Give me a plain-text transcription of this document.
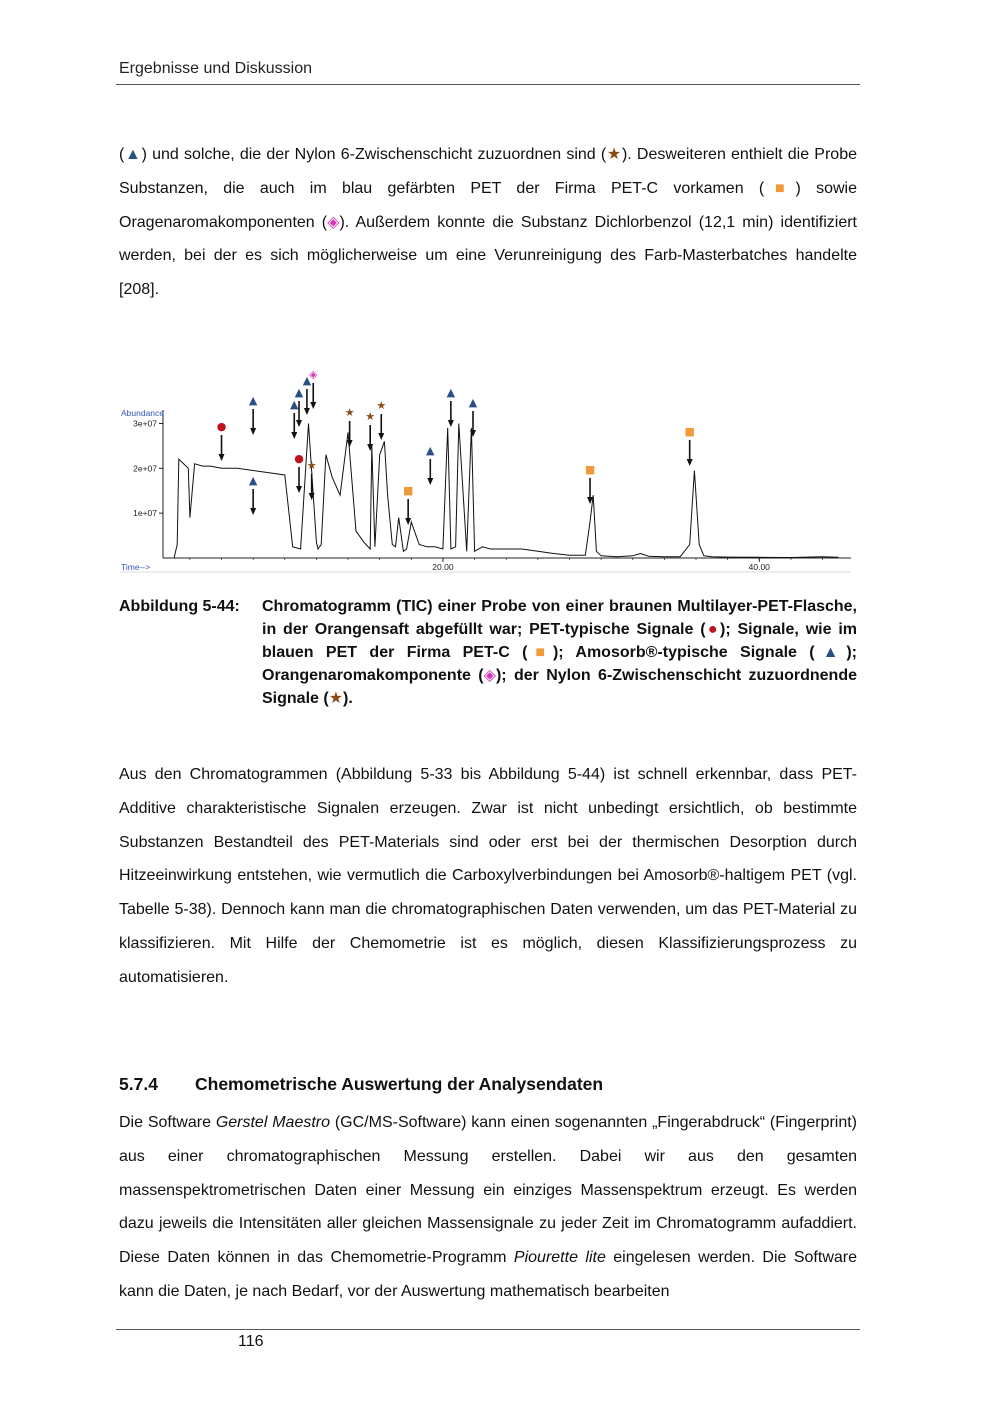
Ergebnisse und Diskussion

(▲) und solche, die der Nylon 6-Zwischenschicht zuzuordnen sind (★). Desweiteren enthielt die Probe Substanzen, die auch im blau gefärbten PET der Firma PET-C vorkamen (■) sowie Oragenaromakomponenten (◈). Außerdem konnte die Substanz Dichlorbenzol (12,1 min) identifiziert werden, bei der es sich möglicherweise um eine Verunreinigung des Farb-Masterbatches handelte [208].

Abundance
Time-->
1e+07
2e+07
3e+07
20.00	40.00
●
▲
▲	▲
●
▲
▲
★
◈
★ ★
★
■
▲
▲
▲
■
■
Abbildung 5-44: Chromatogramm (TIC) einer Probe von einer braunen Multilayer-PET-Flasche, in der Orangensaft abgefüllt war; PET-typische Signale (●); Signale, wie im blauen PET der Firma PET-C (■); Amosorb®-typische Signale (▲); Orangenaromakomponente (◈); der Nylon 6-Zwischenschicht zuzuordnende Signale (★).

Aus den Chromatogrammen (Abbildung 5-33 bis Abbildung 5-44) ist schnell erkennbar, dass PET-Additive charakteristische Signalen erzeugen. Zwar ist nicht unbedingt ersichtlich, ob bestimmte Substanzen Bestandteil des PET-Materials sind oder erst bei der thermischen Desorption durch Hitzeeinwirkung entstehen, wie vermutlich die Carboxylverbindungen bei Amosorb®-haltigem PET (vgl. Tabelle 5-38). Dennoch kann man die chromatographischen Daten verwenden, um das PET-Material zu klassifizieren. Mit Hilfe der Chemometrie ist es möglich, diesen Klassifizierungsprozess zu automatisieren.

5.7.4 Chemometrische Auswertung der Analysendaten

Die Software Gerstel Maestro (GC/MS-Software) kann einen sogenannten „Fingerabdruck“ (Fingerprint) aus einer chromatographischen Messung erstellen. Dabei wir aus den gesamten massenspektrometrischen Daten einer Messung ein einziges Massenspektrum erzeugt. Es werden dazu jeweils die Intensitäten aller gleichen Massensignale zu jeder Zeit im Chromatogramm aufaddiert. Diese Daten können in das Chemometrie-Programm Piourette lite eingelesen werden. Die Software kann die Daten, je nach Bedarf, vor der Auswertung mathematisch bearbeiten

116
